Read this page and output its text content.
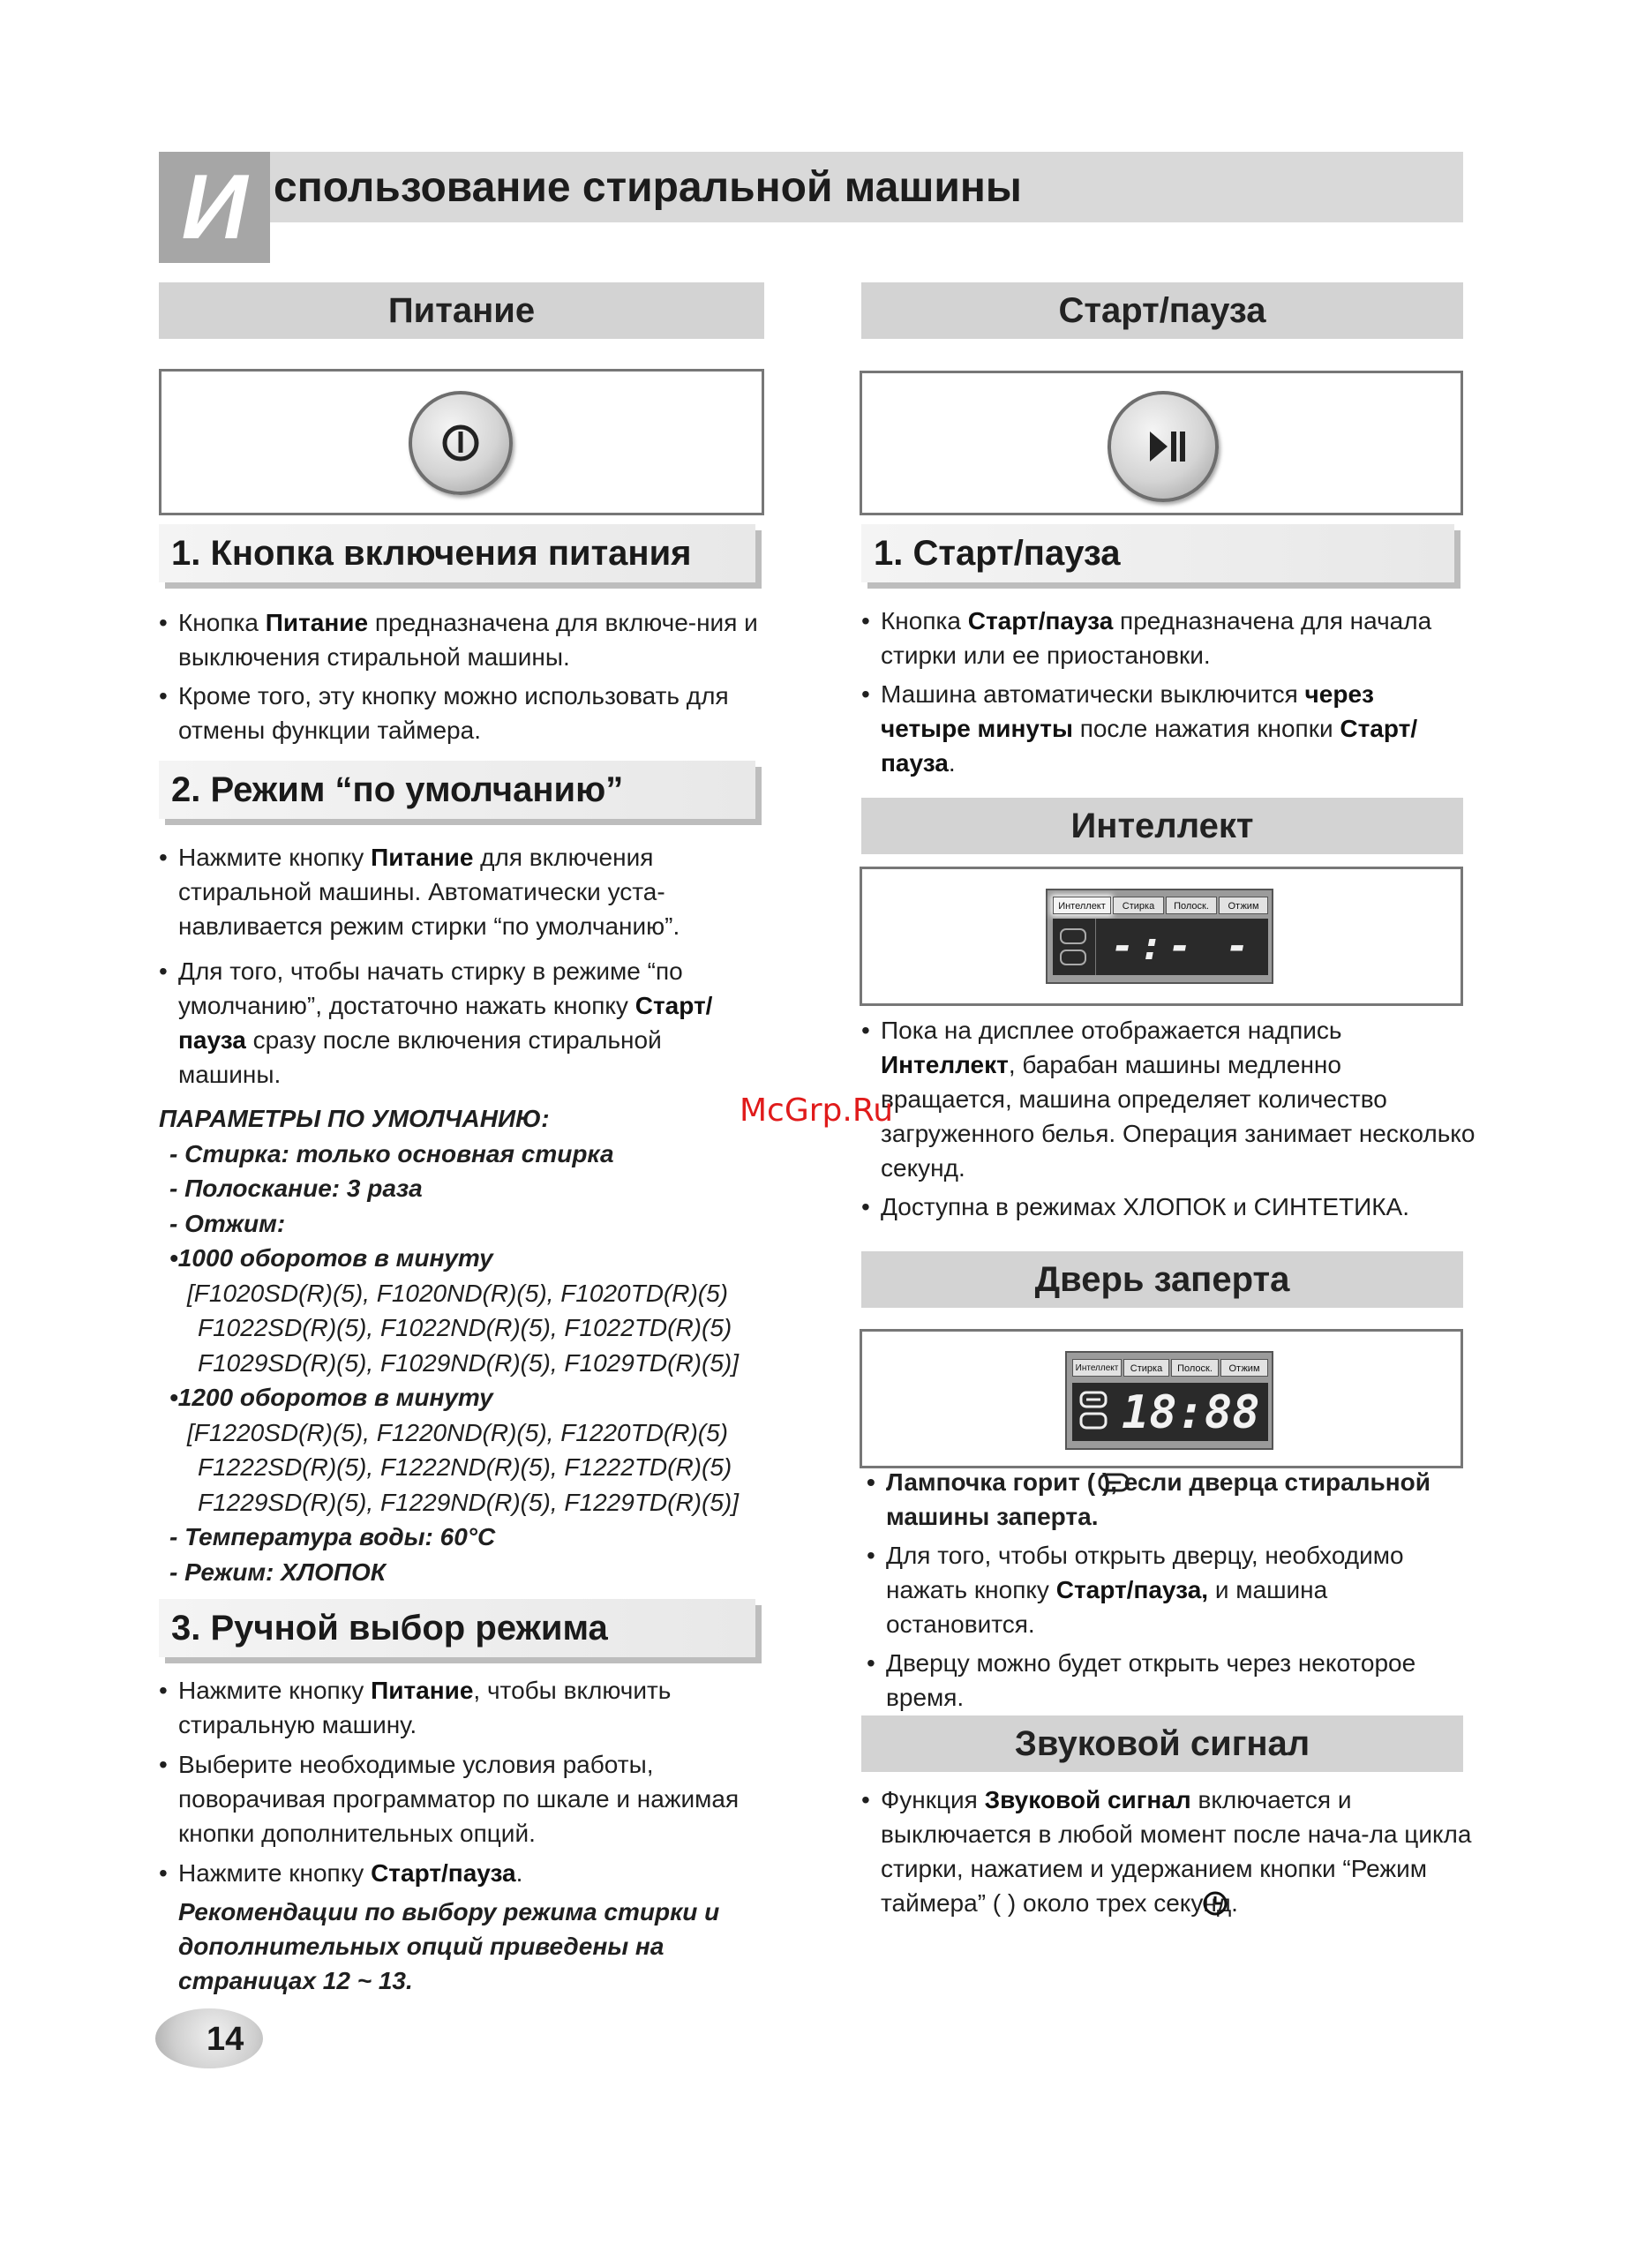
И спользование стиральной машины
Питание
1. Кнопка включения питания
• Кнопка Питание предназначена для включе-ния и выключения стиральной машины.
• Кроме того, эту кнопку можно использовать для отмены функции таймера.
2. Режим “по умолчанию”
• Нажмите кнопку Питание для включения стиральной машины. Автоматически уста-навливается режим стирки “по умолчанию”.
• Для того, чтобы начать стирку в режиме “по умолчанию”, достаточно нажать кнопку Старт/пауза сразу после включения стиральной машины.
ПАРАМЕТРЫ ПО УМОЛЧАНИЮ:
- Стирка: только основная стирка
- Полоскание: 3 раза
- Отжим:
•1000 оборотов в минуту
[F1020SD(R)(5), F1020ND(R)(5), F1020TD(R)(5)
F1022SD(R)(5), F1022ND(R)(5), F1022TD(R)(5)
F1029SD(R)(5), F1029ND(R)(5), F1029TD(R)(5)]
•1200 оборотов в минуту
[F1220SD(R)(5), F1220ND(R)(5), F1220TD(R)(5)
F1222SD(R)(5), F1222ND(R)(5), F1222TD(R)(5)
F1229SD(R)(5), F1229ND(R)(5), F1229TD(R)(5)]
- Температура воды: 60°С
- Режим: ХЛОПОК
3. Ручной выбор режима
• Нажмите кнопку Питание, чтобы включить стиральную машину.
• Выберите необходимые условия работы, поворачивая программатор по шкале и нажимая кнопки дополнительных опций.
• Нажмите кнопку Старт/пауза.
Рекомендации по выбору режима стирки и дополнительных опций приведены на страницах 12 ~ 13.
14
Старт/пауза
1. Старт/пауза
• Кнопка Старт/пауза предназначена для начала стирки или ее приостановки.
• Машина автоматически выключится через четыре минуты после нажатия кнопки Старт/пауза.
Интеллект
Интеллект	Стирка	Полоск.	Отжим
-:- -
• Пока на дисплее отображается надпись Интеллект, барабан машины медленно вращается, машина определяет количество загруженного белья. Операция занимает несколько секунд.
• Доступна в режимах ХЛОПОК и СИНТЕТИКА.
Дверь заперта
Интеллект	Стирка	Полоск.	Отжим
18:88
• Лампочка горит ( ), если дверца стиральной машины заперта.
• Для того, чтобы открыть дверцу, необходимо нажать кнопку Старт/пауза, и машина остановится.
• Дверцу можно будет открыть через некоторое время.
Звуковой сигнал
• Функция Звуковой сигнал включается и выключается в любой момент после нача-ла цикла стирки, нажатием и удержанием кнопки “Режим таймера” ( ) около трех секунд.
McGrp.Ru
